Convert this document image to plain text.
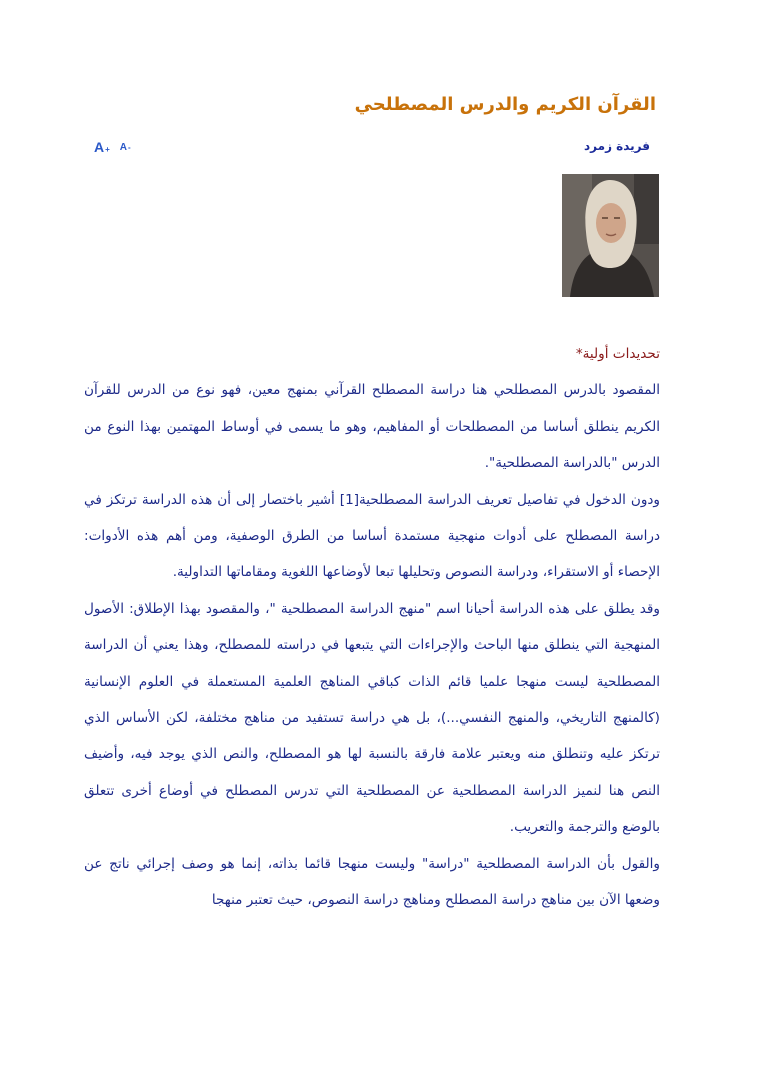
القرآن الكريم والدرس المصطلحي
فريدة زمرد
A + A -

تحديدات أولية*

المقصود بالدرس المصطلحي هنا دراسة المصطلح القرآني بمنهج معين، فهو نوع من الدرس للقرآن الكريم ينطلق أساسا من المصطلحات أو المفاهيم، وهو ما يسمى في أوساط المهتمين بهذا النوع من الدرس "بالدراسة المصطلحية".

ودون الدخول في تفاصيل تعريف الدراسة المصطلحية[1] أشير باختصار إلى أن هذه الدراسة ترتكز في دراسة المصطلح على أدوات منهجية مستمدة أساسا من الطرق الوصفية، ومن أهم هذه الأدوات: الإحصاء أو الاستقراء، ودراسة النصوص وتحليلها تبعا لأوضاعها اللغوية ومقاماتها التداولية.

وقد يطلق على هذه الدراسة أحيانا اسم "منهج الدراسة المصطلحية "، والمقصود بهذا الإطلاق: الأصول المنهجية التي ينطلق منها الباحث والإجراءات التي يتبعها في دراسته للمصطلح، وهذا يعني أن الدراسة المصطلحية ليست منهجا علميا قائم الذات كباقي المناهج العلمية المستعملة في العلوم الإنسانية (كالمنهج التاريخي، والمنهج النفسي...)، بل هي دراسة تستفيد من مناهج مختلفة، لكن الأساس الذي ترتكز عليه وتنطلق منه ويعتبر علامة فارقة بالنسبة لها هو المصطلح، والنص الذي يوجد فيه، وأضيف النص هنا لنميز الدراسة المصطلحية عن المصطلحية التي تدرس المصطلح في أوضاع أخرى تتعلق بالوضع والترجمة والتعريب.

والقول بأن الدراسة المصطلحية "دراسة" وليست منهجا قائما بذاته، إنما هو وصف إجرائي ناتج عن وضعها الآن بين مناهج دراسة المصطلح ومناهج دراسة النصوص، حيث تعتبر منهجا
